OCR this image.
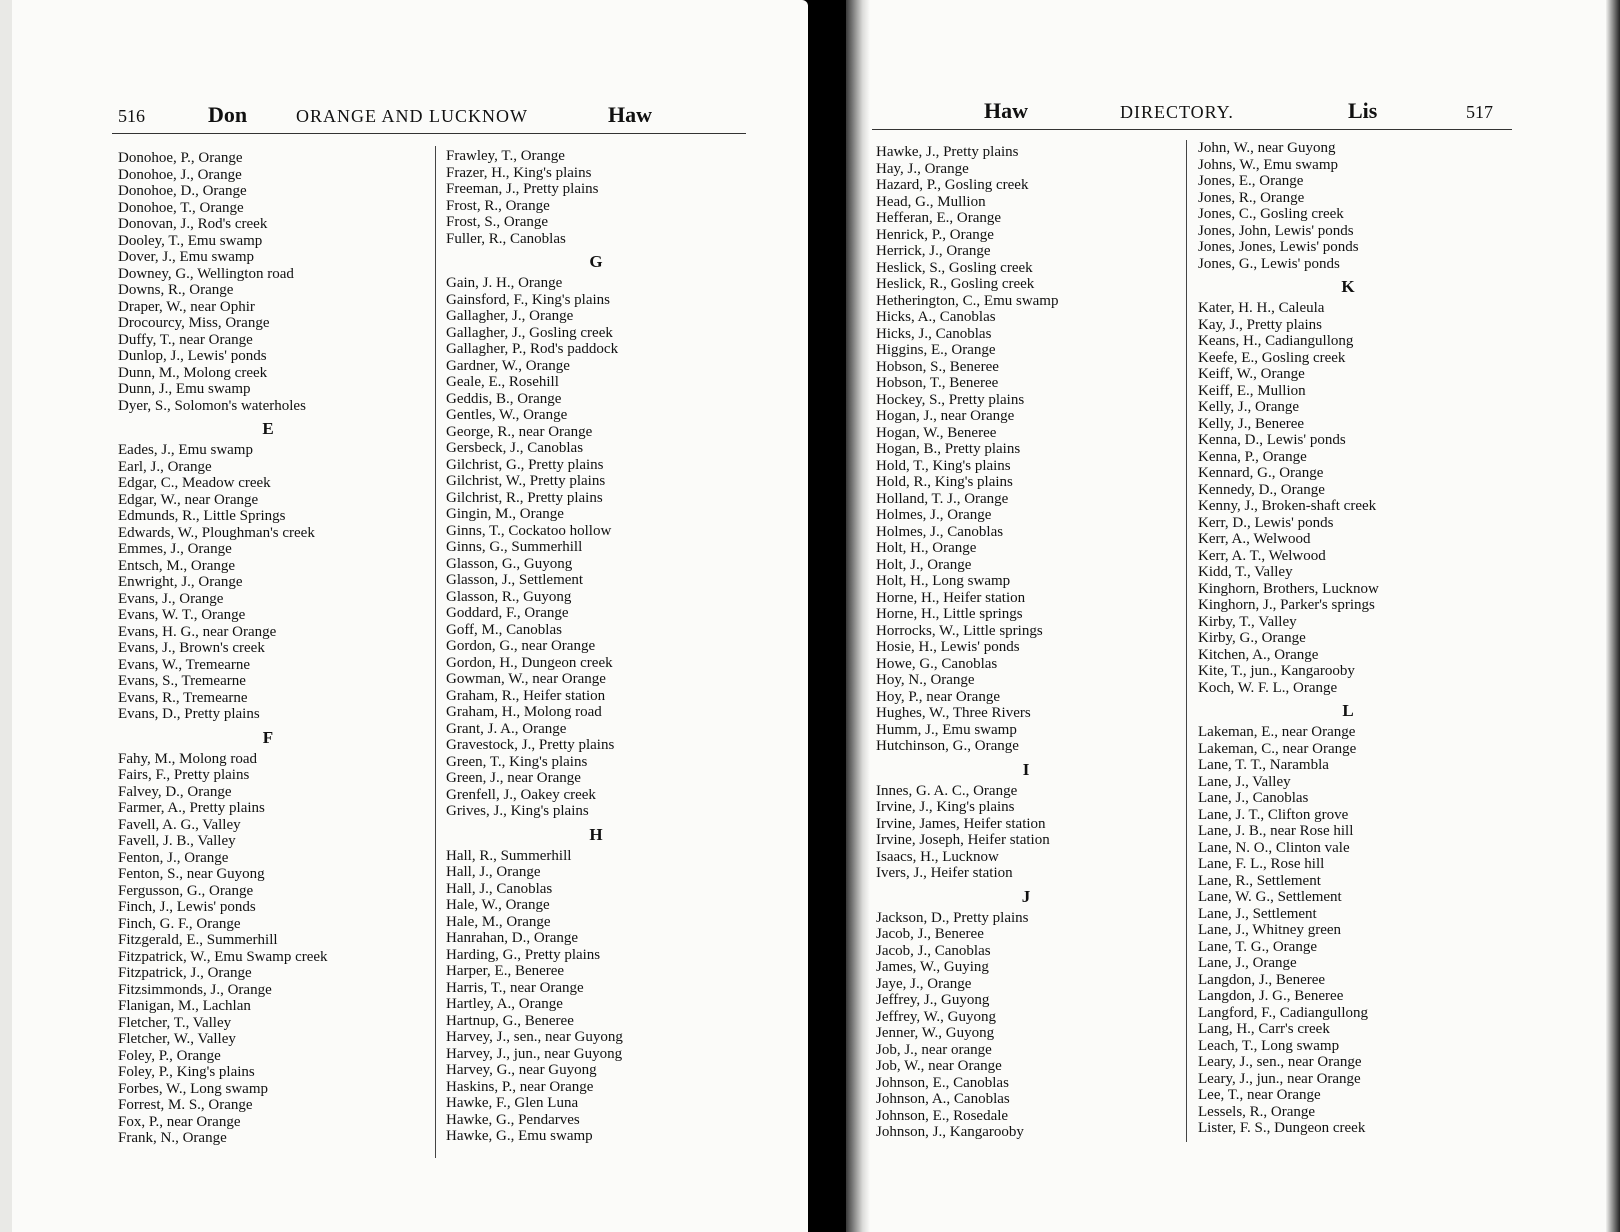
516	Don	ORANGE AND LUCKNOW	Haw
Donohoe, P., Orange
Donohoe, J., Orange
Donohoe, D., Orange
Donohoe, T., Orange
Donovan, J., Rod's creek
Dooley, T., Emu swamp
Dover, J., Emu swamp
Downey, G., Wellington road
Downs, R., Orange
Draper, W., near Ophir
Drocourcy, Miss, Orange
Duffy, T., near Orange
Dunlop, J., Lewis' ponds
Dunn, M., Molong creek
Dunn, J., Emu swamp
Dyer, S., Solomon's waterholes
E
Eades, J., Emu swamp
Earl, J., Orange
Edgar, C., Meadow creek
Edgar, W., near Orange
Edmunds, R., Little Springs
Edwards, W., Ploughman's creek
Emmes, J., Orange
Entsch, M., Orange
Enwright, J., Orange
Evans, J., Orange
Evans, W. T., Orange
Evans, H. G., near Orange
Evans, J., Brown's creek
Evans, W., Tremearne
Evans, S., Tremearne
Evans, R., Tremearne
Evans, D., Pretty plains
F
Fahy, M., Molong road
Fairs, F., Pretty plains
Falvey, D., Orange
Farmer, A., Pretty plains
Favell, A. G., Valley
Favell, J. B., Valley
Fenton, J., Orange
Fenton, S., near Guyong
Fergusson, G., Orange
Finch, J., Lewis' ponds
Finch, G. F., Orange
Fitzgerald, E., Summerhill
Fitzpatrick, W., Emu Swamp creek
Fitzpatrick, J., Orange
Fitzsimmonds, J., Orange
Flanigan, M., Lachlan
Fletcher, T., Valley
Fletcher, W., Valley
Foley, P., Orange
Foley, P., King's plains
Forbes, W., Long swamp
Forrest, M. S., Orange
Fox, P., near Orange
Frank, N., Orange
Frawley, T., Orange
Frazer, H., King's plains
Freeman, J., Pretty plains
Frost, R., Orange
Frost, S., Orange
Fuller, R., Canoblas
G
Gain, J. H., Orange
Gainsford, F., King's plains
Gallagher, J., Orange
Gallagher, J., Gosling creek
Gallagher, P., Rod's paddock
Gardner, W., Orange
Geale, E., Rosehill
Geddis, B., Orange
Gentles, W., Orange
George, R., near Orange
Gersbeck, J., Canoblas
Gilchrist, G., Pretty plains
Gilchrist, W., Pretty plains
Gilchrist, R., Pretty plains
Gingin, M., Orange
Ginns, T., Cockatoo hollow
Ginns, G., Summerhill
Glasson, G., Guyong
Glasson, J., Settlement
Glasson, R., Guyong
Goddard, F., Orange
Goff, M., Canoblas
Gordon, G., near Orange
Gordon, H., Dungeon creek
Gowman, W., near Orange
Graham, R., Heifer station
Graham, H., Molong road
Grant, J. A., Orange
Gravestock, J., Pretty plains
Green, T., King's plains
Green, J., near Orange
Grenfell, J., Oakey creek
Grives, J., King's plains
H
Hall, R., Summerhill
Hall, J., Orange
Hall, J., Canoblas
Hale, W., Orange
Hale, M., Orange
Hanrahan, D., Orange
Harding, G., Pretty plains
Harper, E., Beneree
Harris, T., near Orange
Hartley, A., Orange
Hartnup, G., Beneree
Harvey, J., sen., near Guyong
Harvey, J., jun., near Guyong
Harvey, G., near Guyong
Haskins, P., near Orange
Hawke, F., Glen Luna
Hawke, G., Pendarves
Hawke, G., Emu swamp
Haw	DIRECTORY.	Lis	517
Hawke, J., Pretty plains
Hay, J., Orange
Hazard, P., Gosling creek
Head, G., Mullion
Hefferan, E., Orange
Henrick, P., Orange
Herrick, J., Orange
Heslick, S., Gosling creek
Heslick, R., Gosling creek
Hetherington, C., Emu swamp
Hicks, A., Canoblas
Hicks, J., Canoblas
Higgins, E., Orange
Hobson, S., Beneree
Hobson, T., Beneree
Hockey, S., Pretty plains
Hogan, J., near Orange
Hogan, W., Beneree
Hogan, B., Pretty plains
Hold, T., King's plains
Hold, R., King's plains
Holland, T. J., Orange
Holmes, J., Orange
Holmes, J., Canoblas
Holt, H., Orange
Holt, J., Orange
Holt, H., Long swamp
Horne, H., Heifer station
Horne, H., Little springs
Horrocks, W., Little springs
Hosie, H., Lewis' ponds
Howe, G., Canoblas
Hoy, N., Orange
Hoy, P., near Orange
Hughes, W., Three Rivers
Humm, J., Emu swamp
Hutchinson, G., Orange
I
Innes, G. A. C., Orange
Irvine, J., King's plains
Irvine, James, Heifer station
Irvine, Joseph, Heifer station
Isaacs, H., Lucknow
Ivers, J., Heifer station
J
Jackson, D., Pretty plains
Jacob, J., Beneree
Jacob, J., Canoblas
James, W., Guying
Jaye, J., Orange
Jeffrey, J., Guyong
Jeffrey, W., Guyong
Jenner, W., Guyong
Job, J., near orange
Job, W., near Orange
Johnson, E., Canoblas
Johnson, A., Canoblas
Johnson, E., Rosedale
Johnson, J., Kangarooby
John, W., near Guyong
Johns, W., Emu swamp
Jones, E., Orange
Jones, R., Orange
Jones, C., Gosling creek
Jones, John, Lewis' ponds
Jones, Jones, Lewis' ponds
Jones, G., Lewis' ponds
K
Kater, H. H., Caleula
Kay, J., Pretty plains
Keans, H., Cadiangullong
Keefe, E., Gosling creek
Keiff, W., Orange
Keiff, E., Mullion
Kelly, J., Orange
Kelly, J., Beneree
Kenna, D., Lewis' ponds
Kenna, P., Orange
Kennard, G., Orange
Kennedy, D., Orange
Kenny, J., Broken-shaft creek
Kerr, D., Lewis' ponds
Kerr, A., Welwood
Kerr, A. T., Welwood
Kidd, T., Valley
Kinghorn, Brothers, Lucknow
Kinghorn, J., Parker's springs
Kirby, T., Valley
Kirby, G., Orange
Kitchen, A., Orange
Kite, T., jun., Kangarooby
Koch, W. F. L., Orange
L
Lakeman, E., near Orange
Lakeman, C., near Orange
Lane, T. T., Narambla
Lane, J., Valley
Lane, J., Canoblas
Lane, J. T., Clifton grove
Lane, J. B., near Rose hill
Lane, N. O., Clinton vale
Lane, F. L., Rose hill
Lane, R., Settlement
Lane, W. G., Settlement
Lane, J., Settlement
Lane, J., Whitney green
Lane, T. G., Orange
Lane, J., Orange
Langdon, J., Beneree
Langdon, J. G., Beneree
Langford, F., Cadiangullong
Lang, H., Carr's creek
Leach, T., Long swamp
Leary, J., sen., near Orange
Leary, J., jun., near Orange
Lee, T., near Orange
Lessels, R., Orange
Lister, F. S., Dungeon creek
